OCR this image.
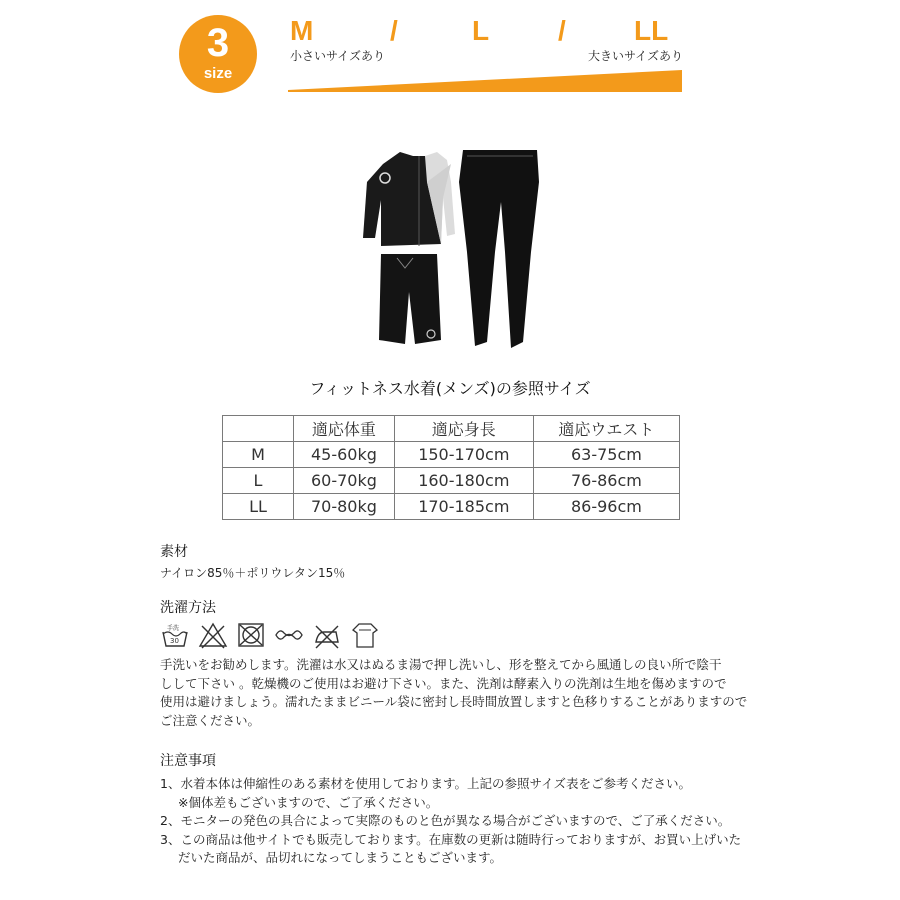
3
size
M	/	L / LL
小さいサイズあり	大きいサイズあり
フィットネス水着(メンズ)の参照サイズ
	適応体重	適応身長	適応ウエスト
M	45-60kg	150-170cm	63-75cm
L	60-70kg	160-180cm	76-86cm
LL	70-80kg	170-185cm	86-96cm
素材
ナイロン85％＋ポリウレタン15％
洗濯方法
手洗
30

手洗いをお勧めします。洗濯は水又はぬるま湯で押し洗いし、形を整えてから風通しの良い所で陰干

しして下さい 。乾燥機のご使用はお避け下さい。また、洗剤は酵素入りの洗剤は生地を傷めますので

使用は避けましょう。濡れたままビニール袋に密封し長時間放置しますと色移りすることがありますので

ご注意ください。

注意事項

1、水着本体は伸縮性のある素材を使用しております。上記の参照サイズ表をご参考ください。

※個体差もございますので、ご了承ください。

2、モニターの発色の具合によって実際のものと色が異なる場合がございますので、ご了承ください。

3、この商品は他サイトでも販売しております。在庫数の更新は随時行っておりますが、お買い上げいた

だいた商品が、品切れになってしまうこともございます。
